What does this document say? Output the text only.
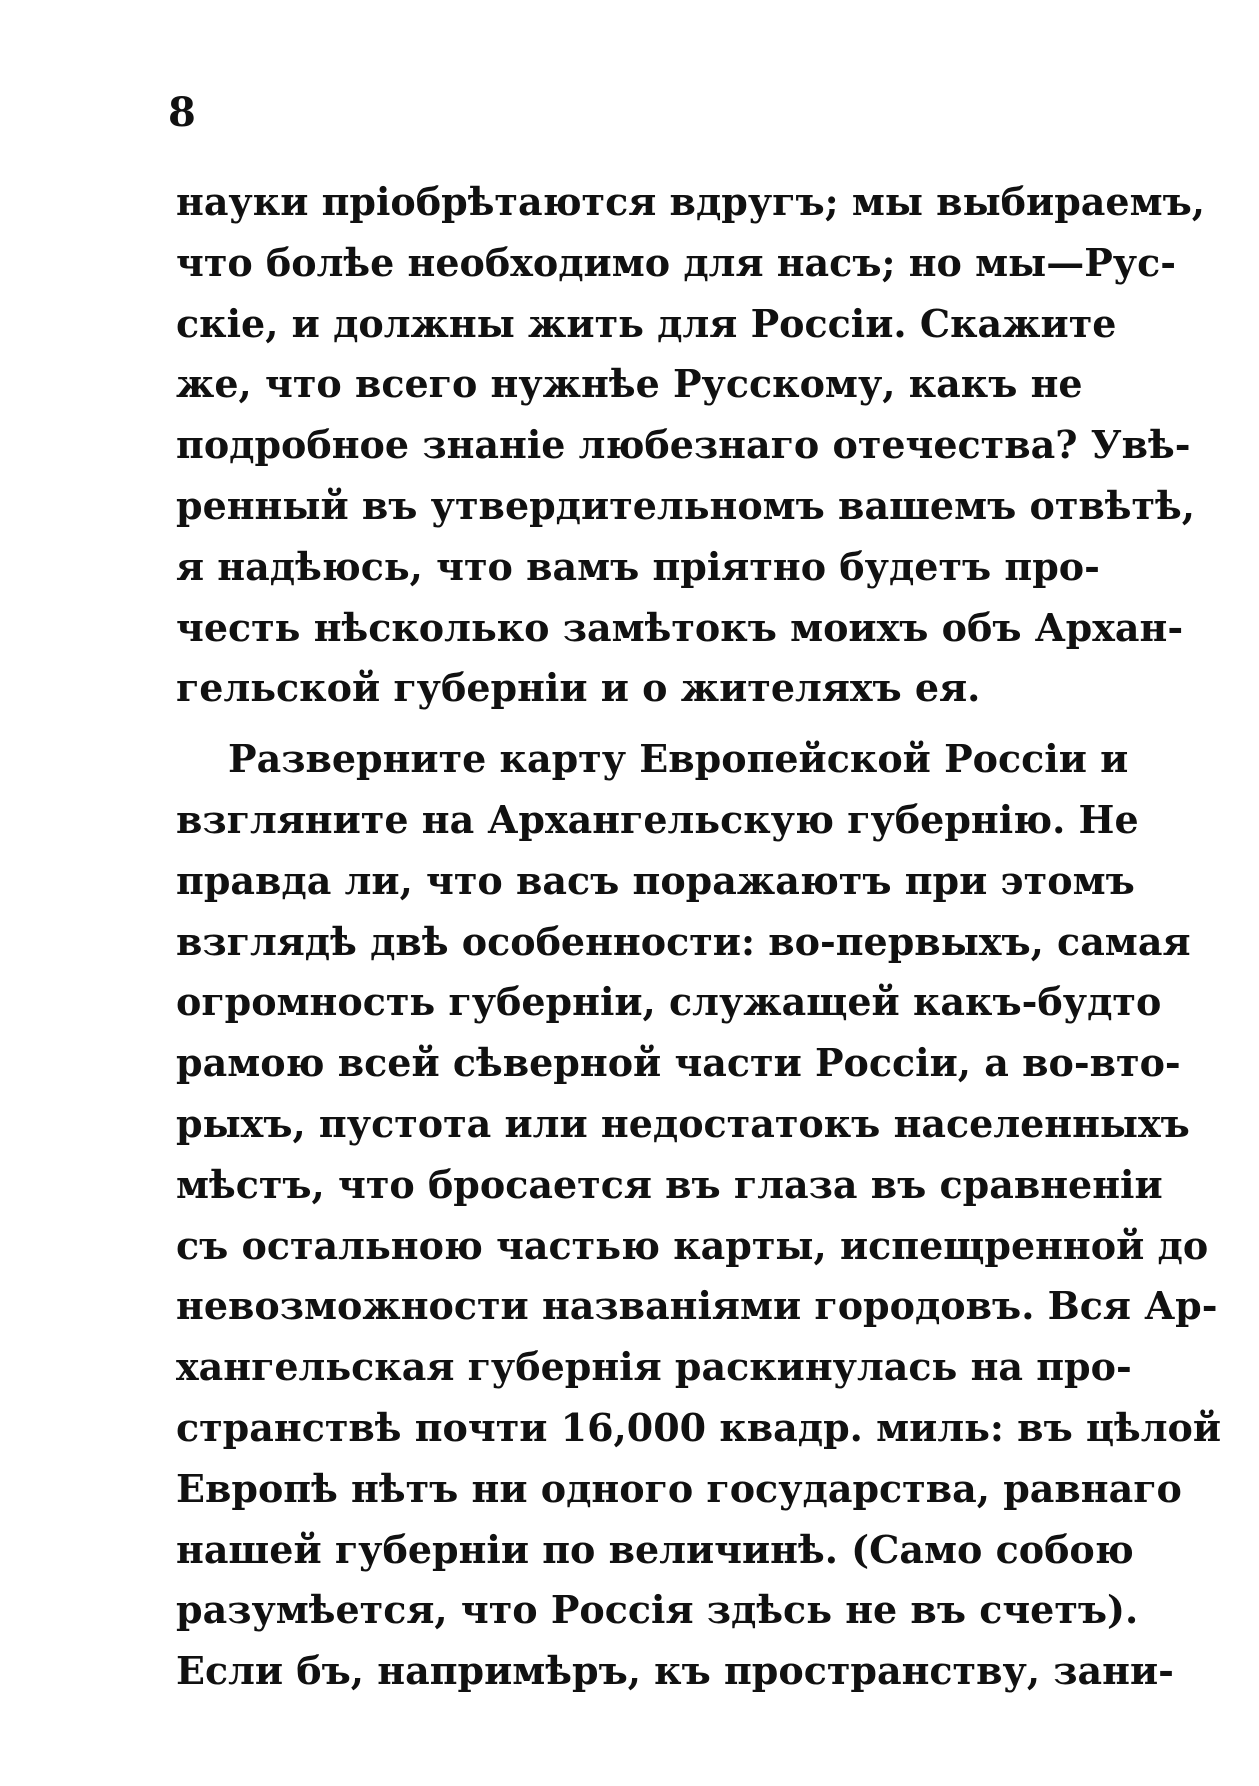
8
науки пріобрѣтаются вдругъ; мы выбираемъ,
что болѣе необходимо для насъ; но мы—Рус-
скіе, и должны жить для Россіи. Скажите
же, что всего нужнѣе Русскому, какъ не
подробное знаніе любезнаго отечества? Увѣ-
ренный въ утвердительномъ вашемъ отвѣтѣ,
я надѣюсь, что вамъ пріятно будетъ про-
честь нѣсколько замѣтокъ моихъ объ Архан-
гельской губерніи и о жителяхъ ея.
Разверните карту Европейской Россіи и
взгляните на Архангельскую губернію. Не
правда ли, что васъ поражаютъ при этомъ
взглядѣ двѣ особенности: во-первыхъ, самая
огромность губерніи, служащей какъ-будто
рамою всей сѣверной части Россіи, а во-вто-
рыхъ, пустота или недостатокъ населенныхъ
мѣстъ, что бросается въ глаза въ сравненіи
съ остальною частью карты, испещренной до
невозможности названіями городовъ. Вся Ар-
хангельская губернія раскинулась на про-
странствѣ почти 16,000 квадр. миль: въ цѣлой
Европѣ нѣтъ ни одного государства, равнаго
нашей губерніи по величинѣ. (Само собою
разумѣется, что Россія здѣсь не въ счетъ).
Если бъ, напримѣръ, къ пространству, зани-
